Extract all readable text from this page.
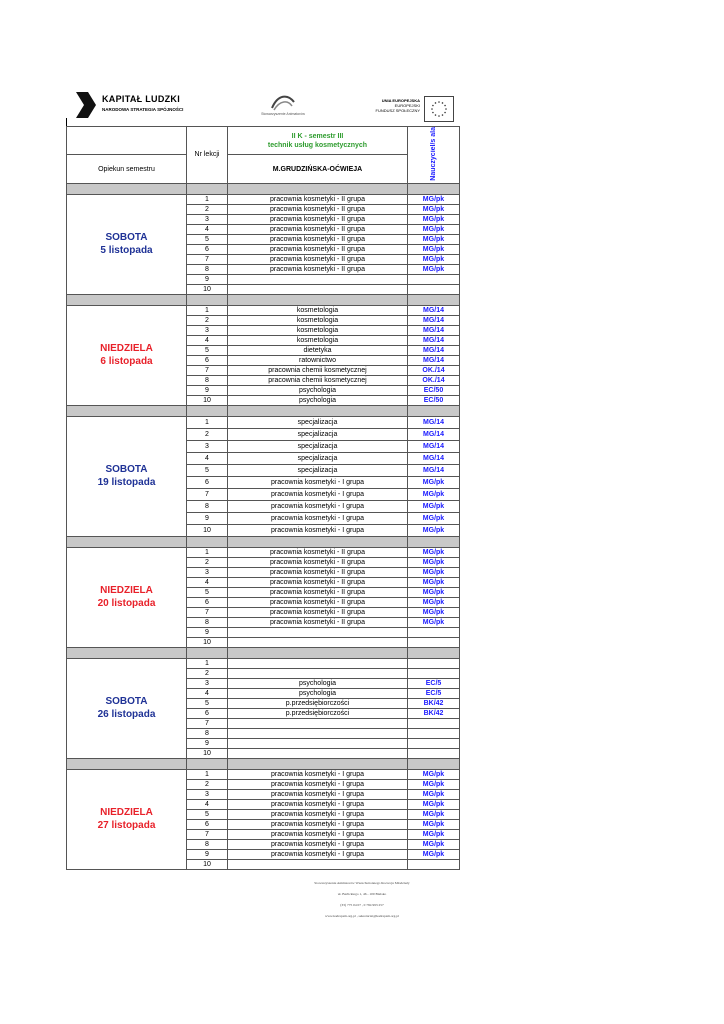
KAPITAŁ LUDZKI
NARODOWA STRATEGIA SPÓJNOŚCI
Stowarzyszenie Animatorów
UNIA EUROPEJSKA
EUROPEJSKI
FUNDUSZ SPOŁECZNY
	Nr lekcji	II K - semestr III
technik usług kosmetycznych	Nauczyciel/s ala
Opiekun semestru		M.GRUDZIŃSKA-OĆWIEJA	

SOBOTA
5 listopada	1	pracownia kosmetyki - II grupa	MG/pk
	2	pracownia kosmetyki - II grupa	MG/pk
	3	pracownia kosmetyki - II grupa	MG/pk
	4	pracownia kosmetyki - II grupa	MG/pk
	5	pracownia kosmetyki - II grupa	MG/pk
	6	pracownia kosmetyki - II grupa	MG/pk
	7	pracownia kosmetyki - II grupa	MG/pk
	8	pracownia kosmetyki - II grupa	MG/pk
	9		
	10		

NIEDZIELA
6 listopada	1	kosmetologia	MG/14
	2	kosmetologia	MG/14
	3	kosmetologia	MG/14
	4	kosmetologia	MG/14
	5	dietetyka	MG/14
	6	ratownictwo	MG/14
	7	pracownia chemii kosmetycznej	OK./14
	8	pracownia chemii kosmetycznej	OK./14
	9	psychologia	EC/50
	10	psychologia	EC/50

SOBOTA
19 listopada	1	specjalizacja	MG/14
	2	specjalizacja	MG/14
	3	specjalizacja	MG/14
	4	specjalizacja	MG/14
	5	specjalizacja	MG/14
	6	pracownia kosmetyki - I grupa	MG/pk
	7	pracownia kosmetyki - I grupa	MG/pk
	8	pracownia kosmetyki - I grupa	MG/pk
	9	pracownia kosmetyki - I grupa	MG/pk
	10	pracownia kosmetyki - I grupa	MG/pk

NIEDZIELA
20 listopada	1	pracownia kosmetyki - II grupa	MG/pk
	2	pracownia kosmetyki - II grupa	MG/pk
	3	pracownia kosmetyki - II grupa	MG/pk
	4	pracownia kosmetyki - II grupa	MG/pk
	5	pracownia kosmetyki - II grupa	MG/pk
	6	pracownia kosmetyki - II grupa	MG/pk
	7	pracownia kosmetyki - II grupa	MG/pk
	8	pracownia kosmetyki - II grupa	MG/pk
	9		
	10		

SOBOTA
26 listopada	1		
	2		
	3	psychologia	EC/5
	4	psychologia	EC/5
	5	p.przedsiębiorczości	BK/42
	6	p.przedsiębiorczości	BK/42
	7		
	8		
	9		
	10		

NIEDZIELA
27 listopada	1	pracownia kosmetyki - I grupa	MG/pk
	2	pracownia kosmetyki - I grupa	MG/pk
	3	pracownia kosmetyki - I grupa	MG/pk
	4	pracownia kosmetyki - I grupa	MG/pk
	5	pracownia kosmetyki - I grupa	MG/pk
	6	pracownia kosmetyki - I grupa	MG/pk
	7	pracownia kosmetyki - I grupa	MG/pk
	8	pracownia kosmetyki - I grupa	MG/pk
	9	pracownia kosmetyki - I grupa	MG/pk
	10		
Stowarzyszenie Animatorów Wszechstronnego Rozwoju Młodzieży
ul. Barlickiego 1, 46 - 100 Bielsko
(33) 775 04 07 , 0 784 993 257
www.kadrapsm.org.pl , sekretariat@kadrapsm.org.pl
